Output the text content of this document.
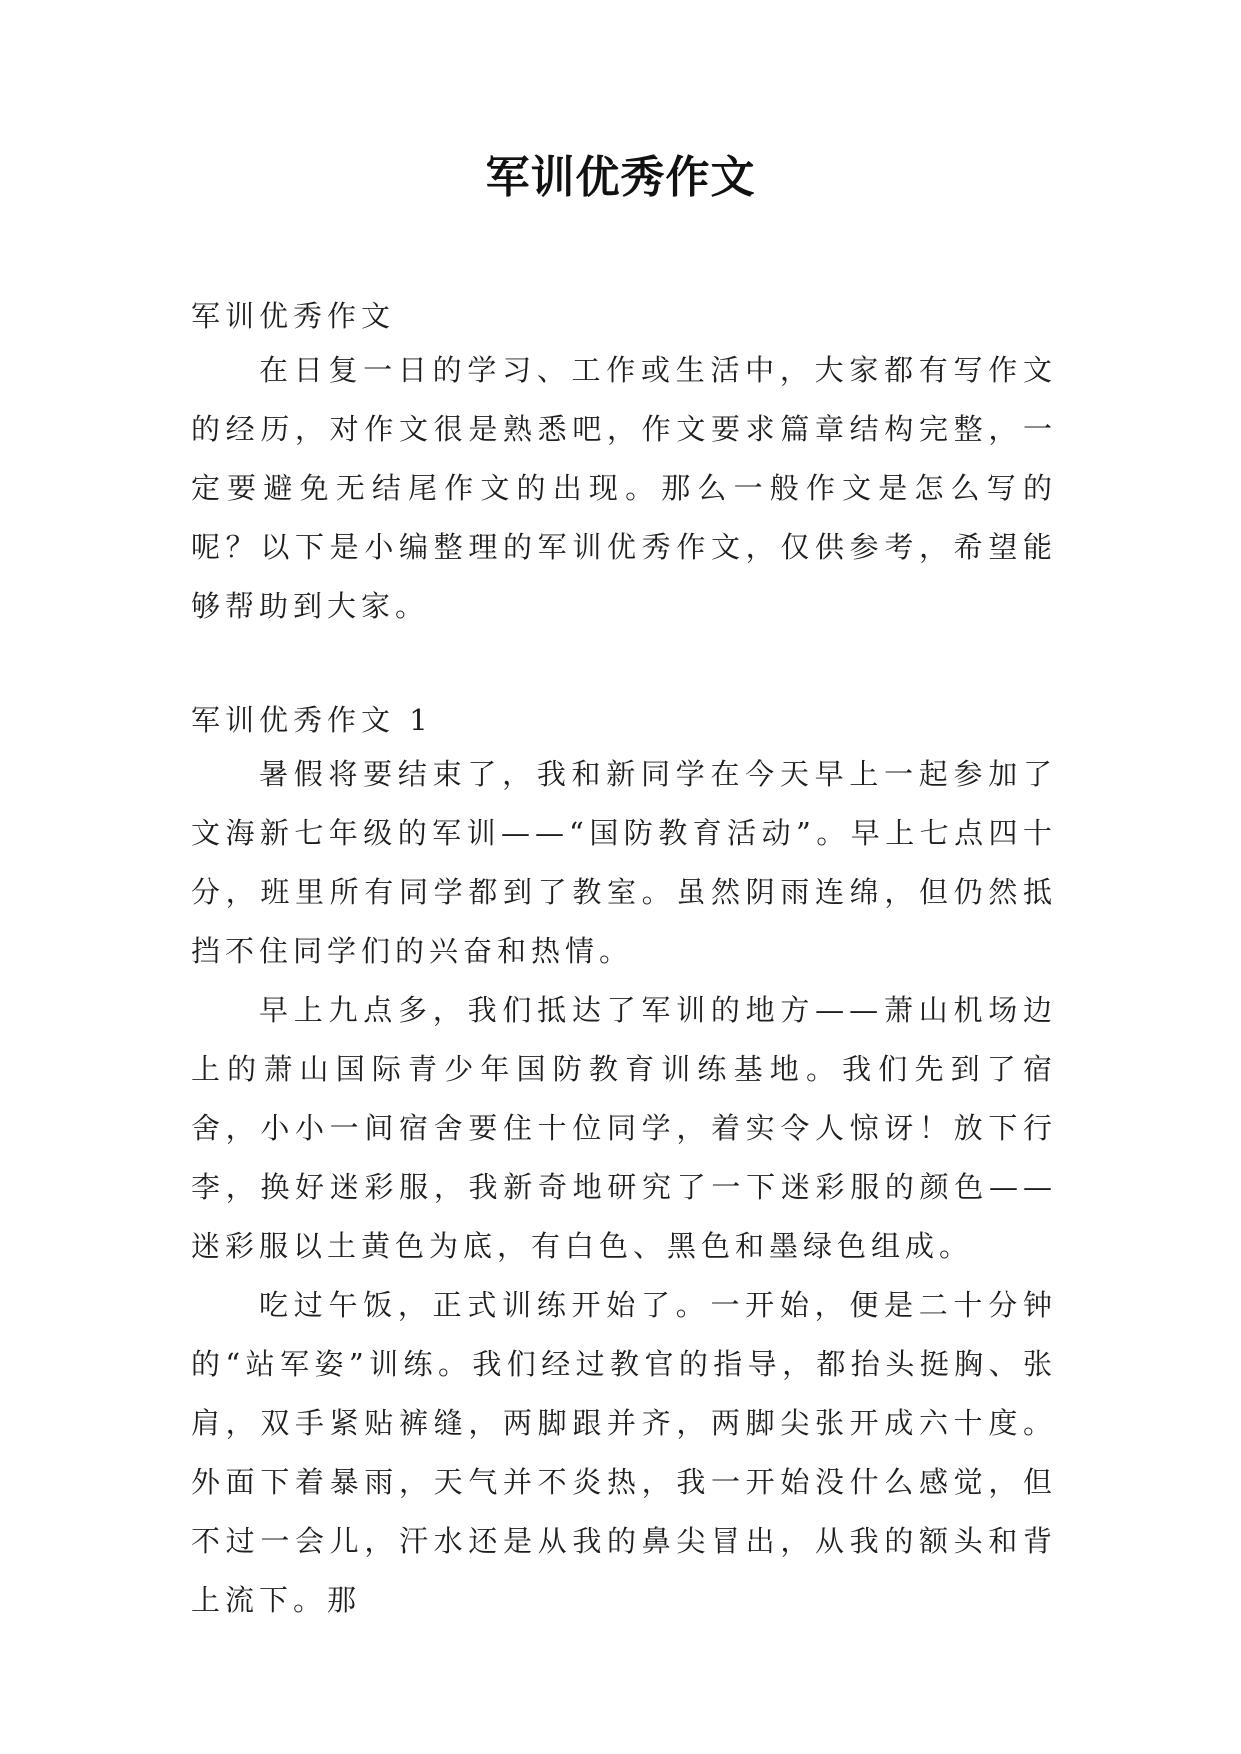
军训优秀作文
军训优秀作文

在日复一日的学习、工作或生活中，大家都有写作文的经历，对作文很是熟悉吧，作文要求篇章结构完整，一定要避免无结尾作文的出现。那么一般作文是怎么写的呢？以下是小编整理的军训优秀作文，仅供参考，希望能够帮助到大家。

军训优秀作文 1

暑假将要结束了，我和新同学在今天早上一起参加了文海新七年级的军训——“国防教育活动”。早上七点四十分，班里所有同学都到了教室。虽然阴雨连绵，但仍然抵挡不住同学们的兴奋和热情。

早上九点多，我们抵达了军训的地方——萧山机场边上的萧山国际青少年国防教育训练基地。我们先到了宿舍，小小一间宿舍要住十位同学，着实令人惊讶！放下行李，换好迷彩服，我新奇地研究了一下迷彩服的颜色——迷彩服以土黄色为底，有白色、黑色和墨绿色组成。

吃过午饭，正式训练开始了。一开始，便是二十分钟的“站军姿”训练。我们经过教官的指导，都抬头挺胸、张肩，双手紧贴裤缝，两脚跟并齐，两脚尖张开成六十度。外面下着暴雨，天气并不炎热，我一开始没什么感觉，但不过一会儿，汗水还是从我的鼻尖冒出，从我的额头和背上流下。那
